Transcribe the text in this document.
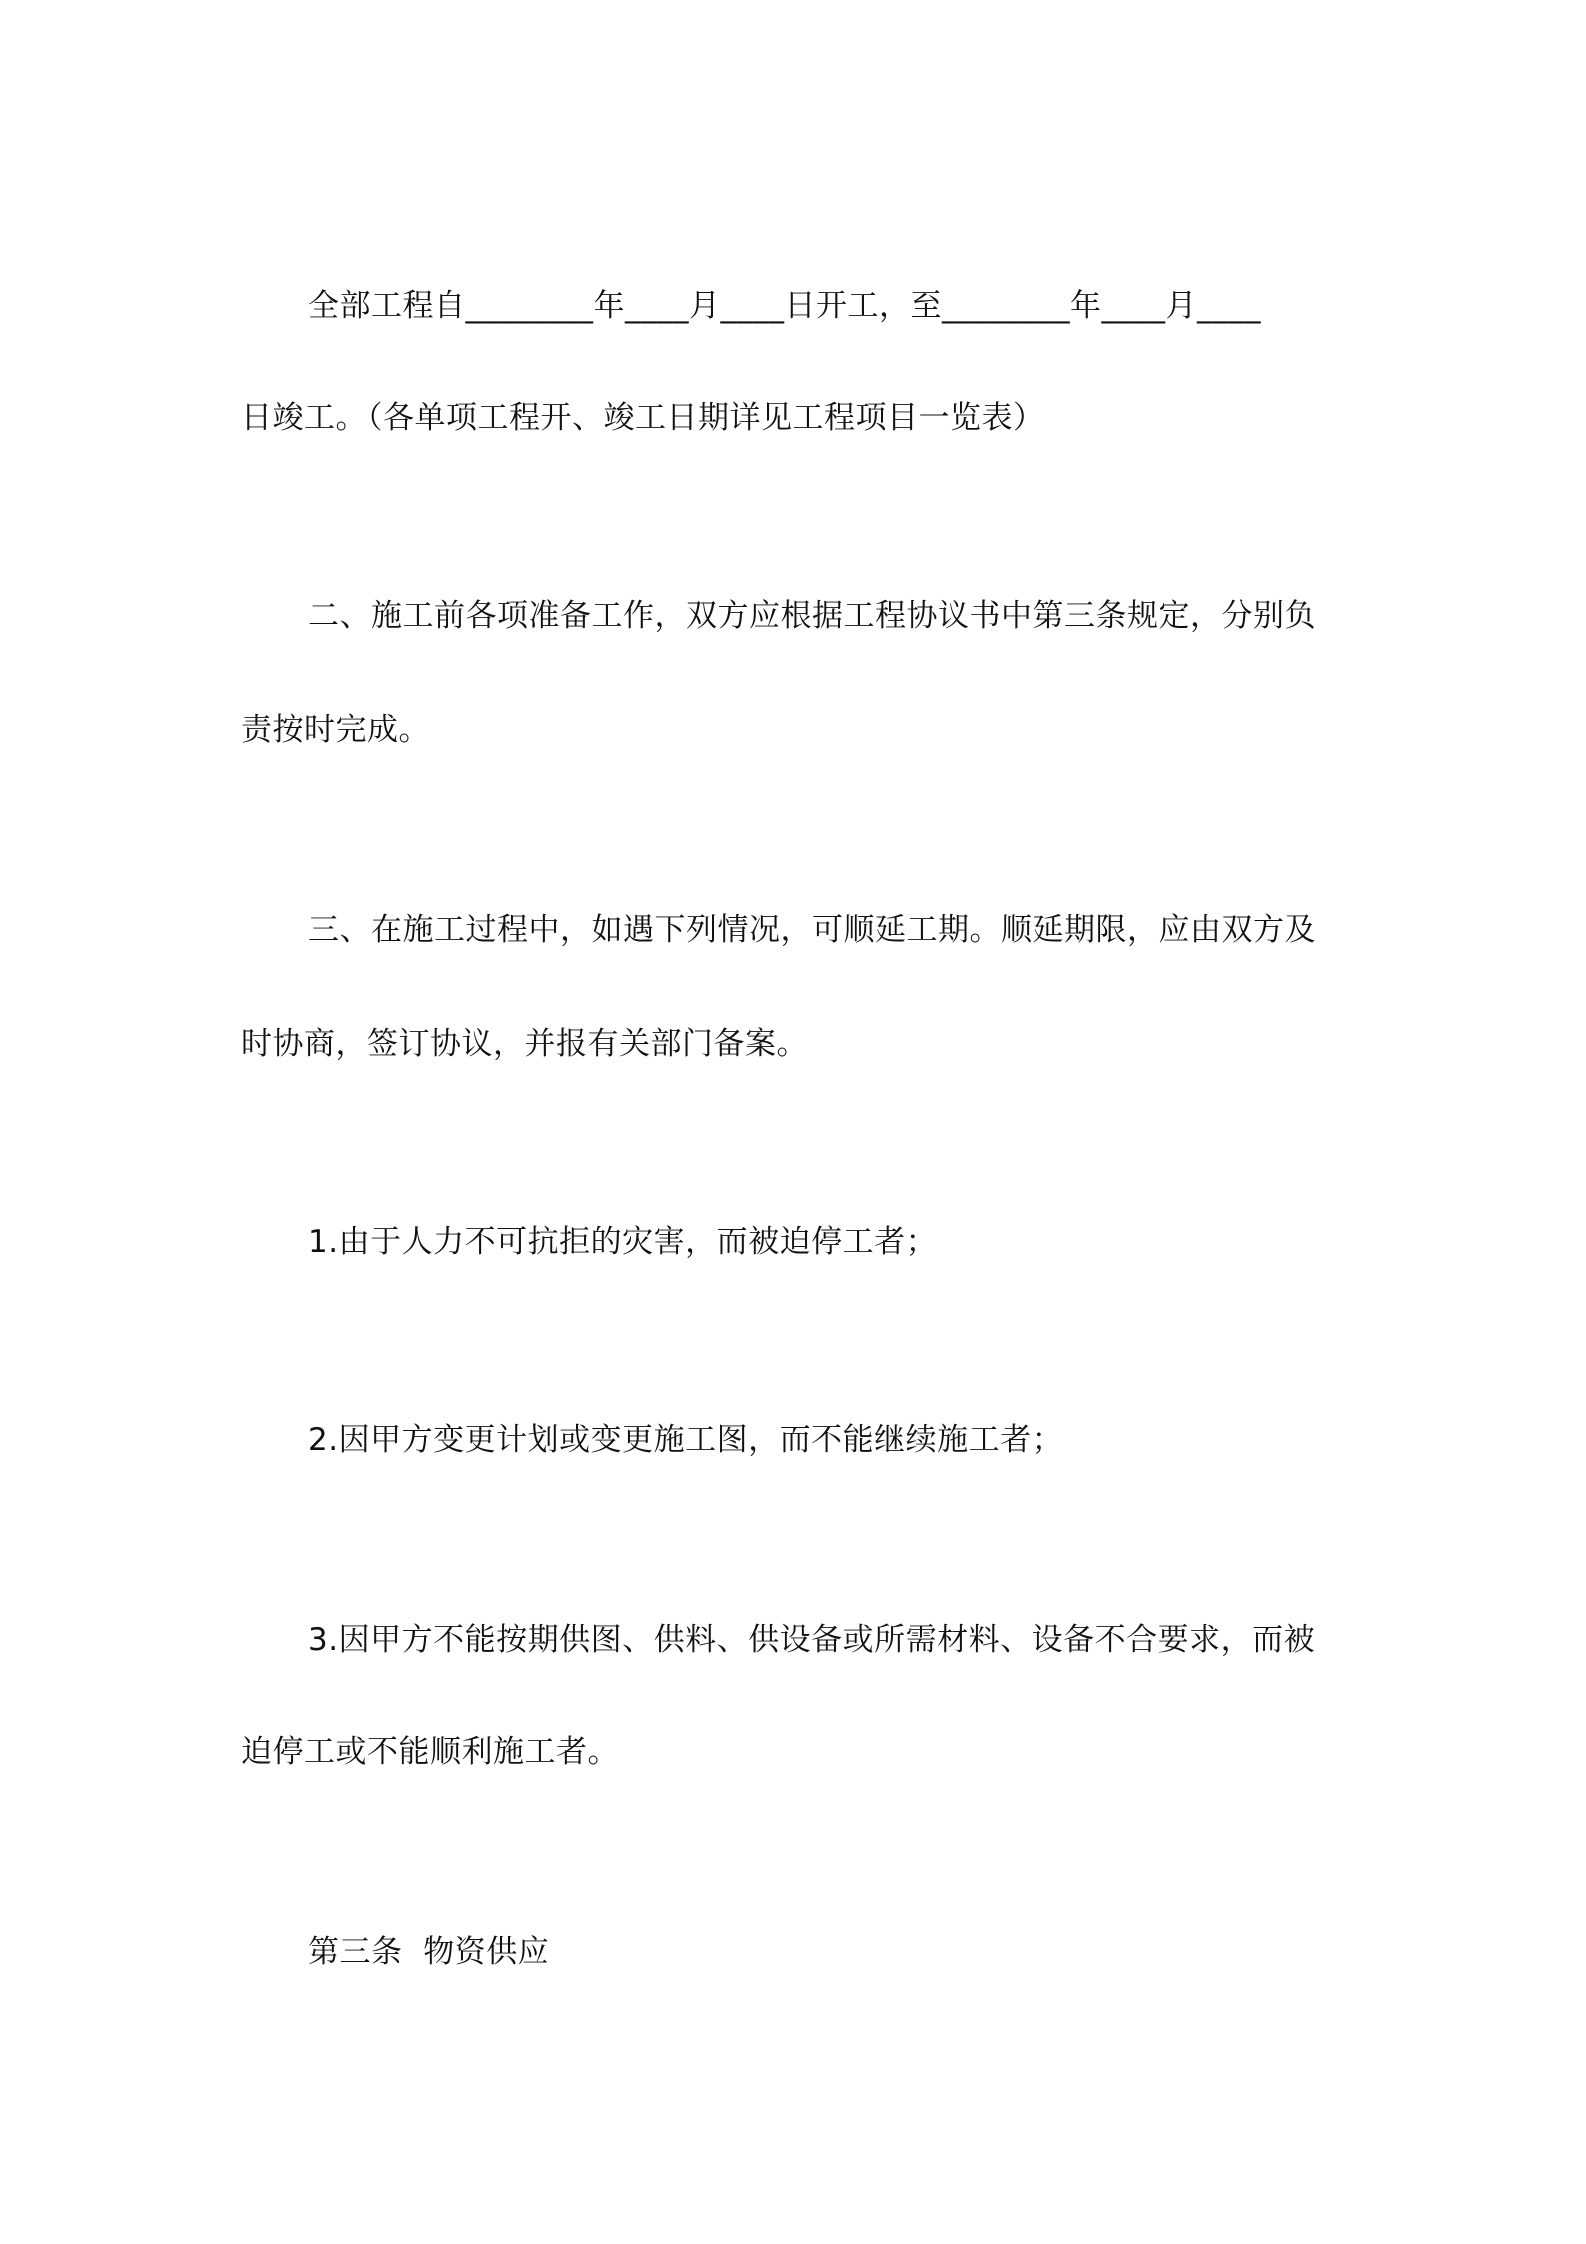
全部工程自________年____月____日开工，至________年____月____
日竣工。（各单项工程开、竣工日期详见工程项目一览表）
二、施工前各项准备工作，双方应根据工程协议书中第三条规定，分别负
责按时完成。
三、在施工过程中，如遇下列情况，可顺延工期。顺延期限，应由双方及
时协商，签订协议，并报有关部门备案。
1.由于人力不可抗拒的灾害，而被迫停工者；
2.因甲方变更计划或变更施工图，而不能继续施工者；
3.因甲方不能按期供图、供料、供设备或所需材料、设备不合要求，而被
迫停工或不能顺利施工者。
第三条  物资供应
